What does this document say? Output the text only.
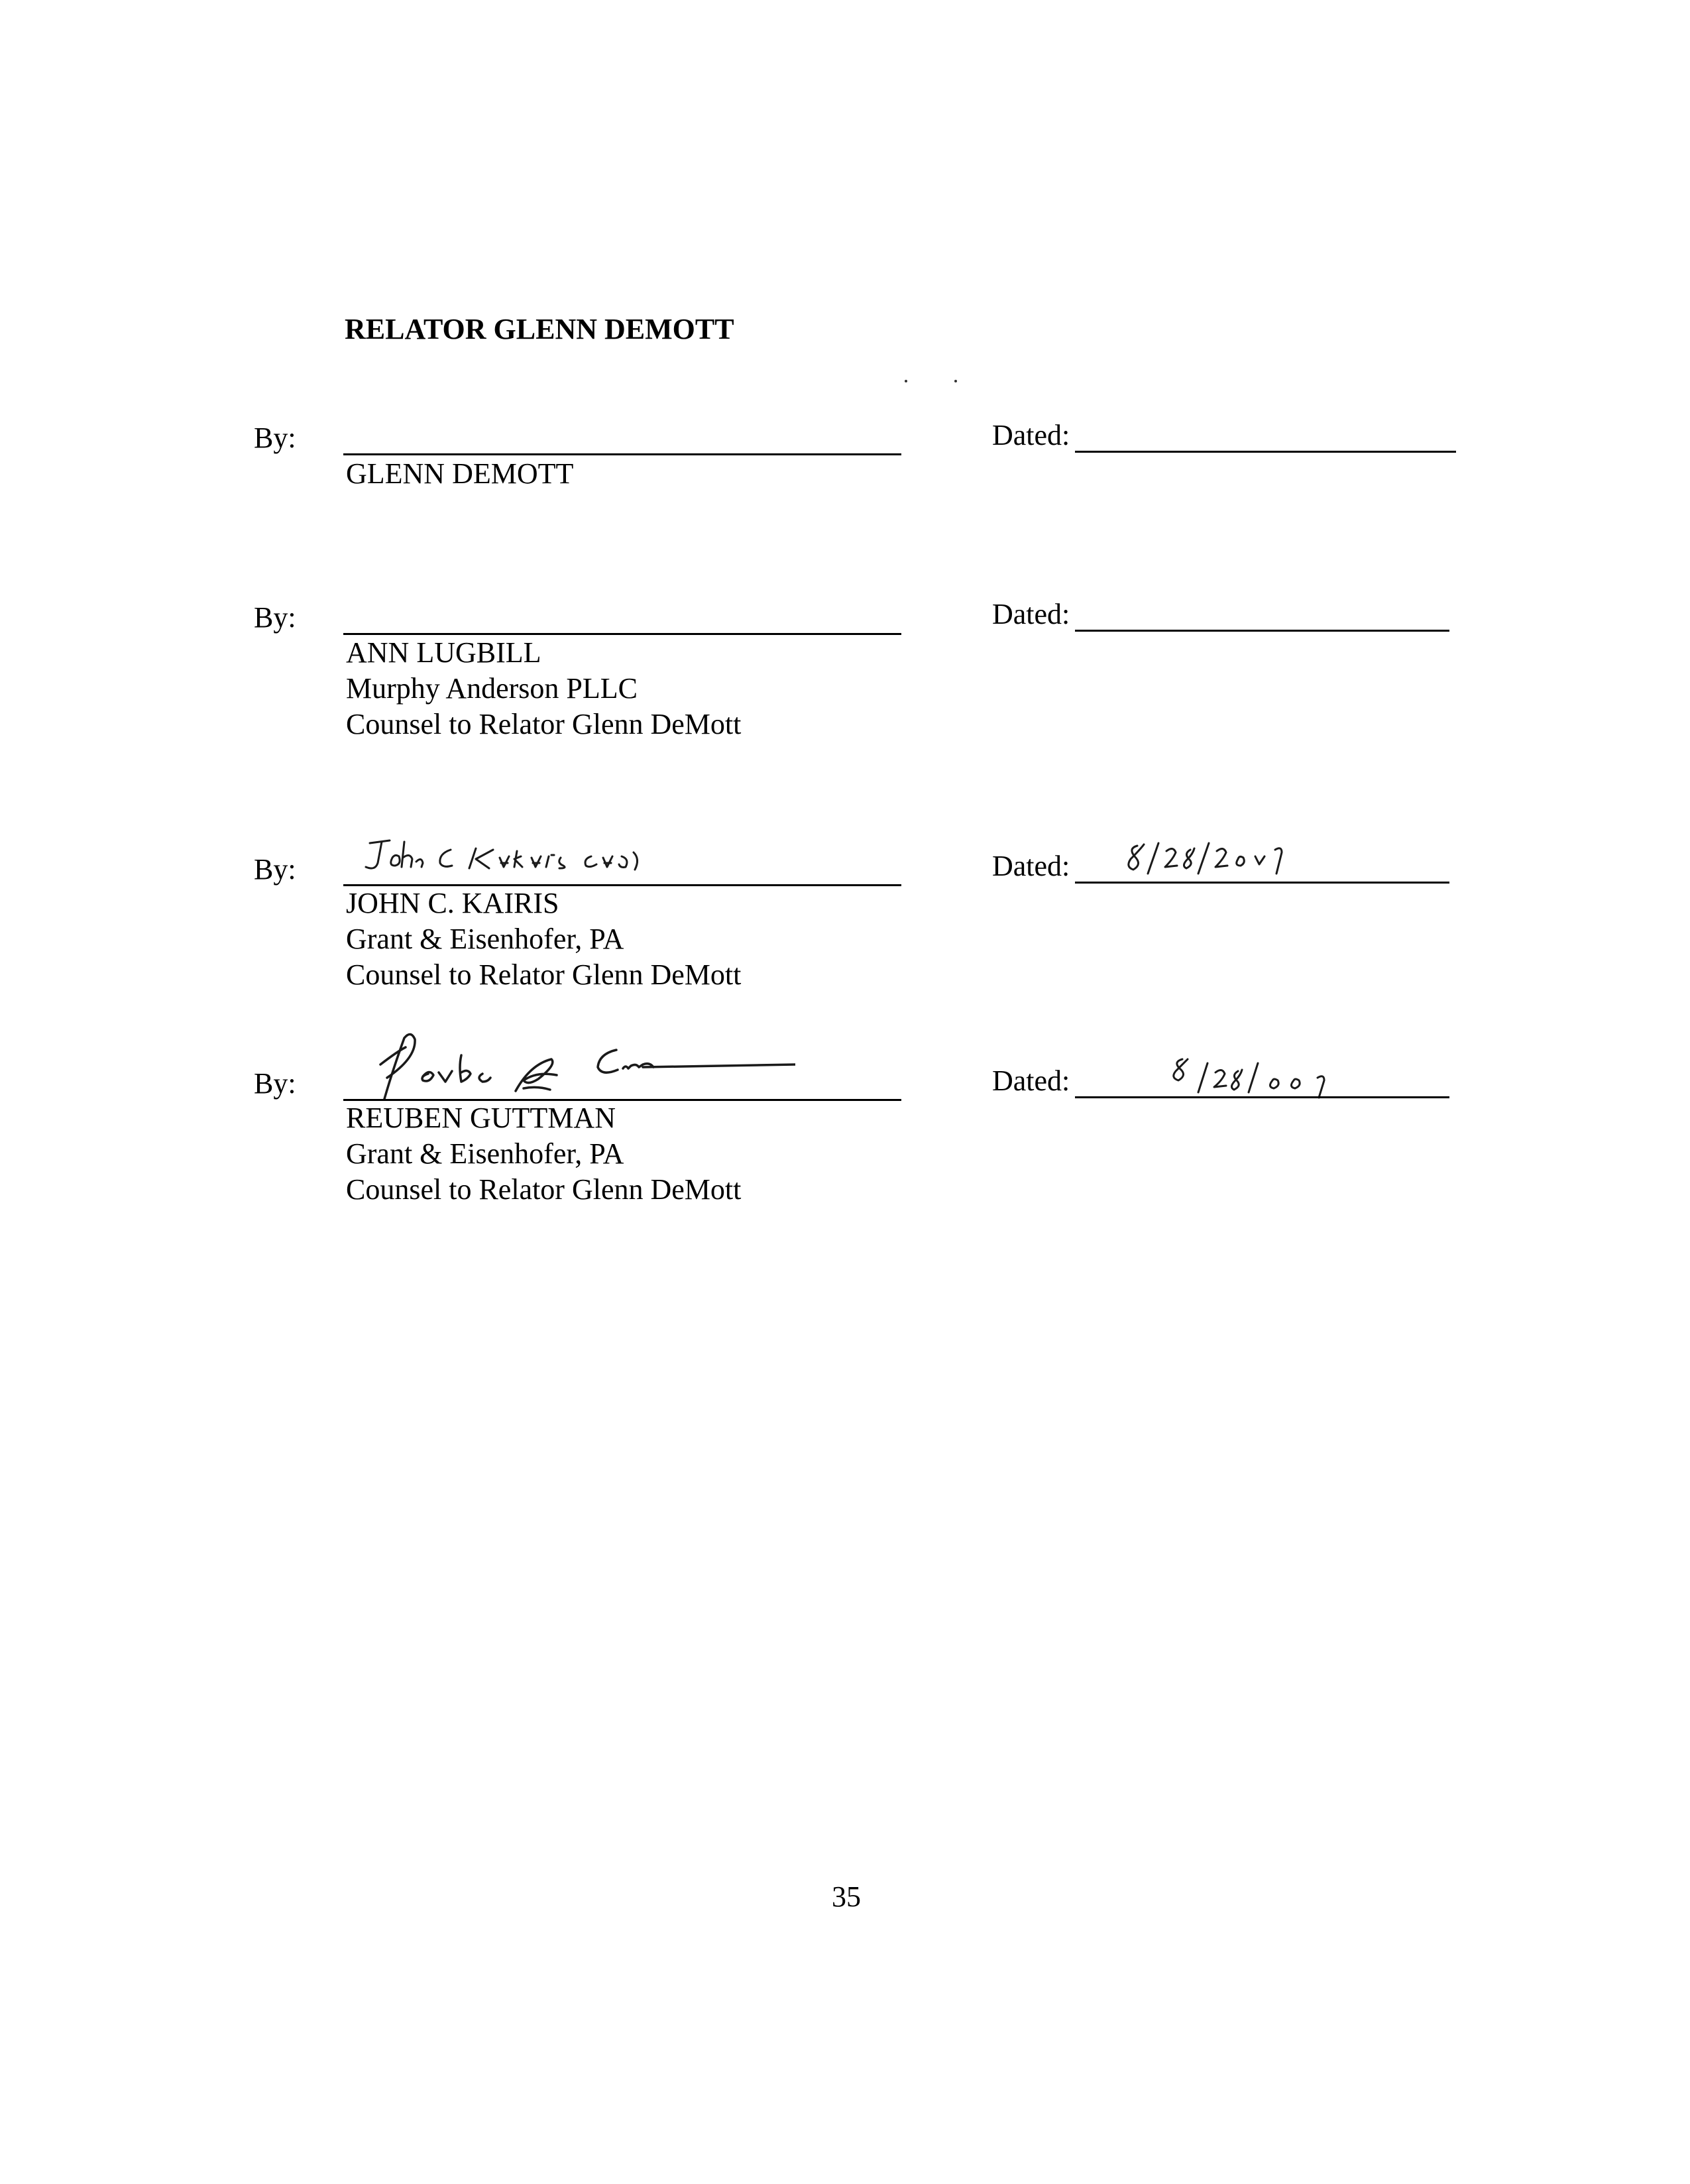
RELATOR GLENN DEMOTT
By:
GLENN DEMOTT
Dated:
By:
ANN LUGBILL
Murphy Anderson PLLC
Counsel to Relator Glenn DeMott
Dated:
By:
JOHN C. KAIRIS
Grant & Eisenhofer, PA
Counsel to Relator Glenn DeMott
Dated:
By:
REUBEN GUTTMAN
Grant & Eisenhofer, PA
Counsel to Relator Glenn DeMott
Dated:
35
